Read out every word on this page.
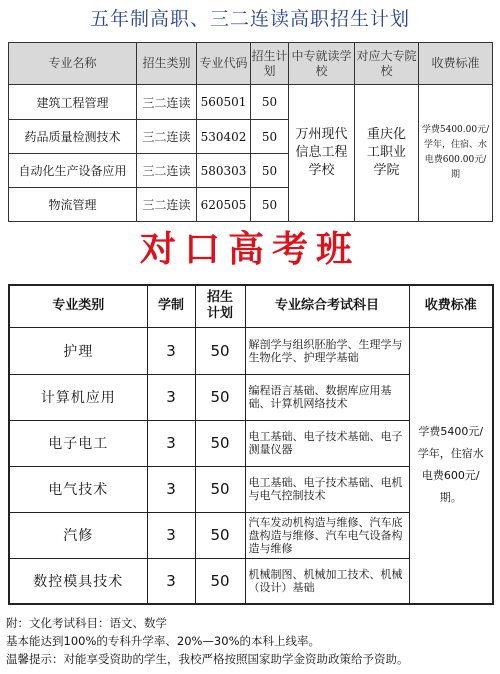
五年制高职、三二连读高职招生计划
专业名称	招生类别	专业代码	招生计划	中专就读学校	对应大专院校	收费标准
建筑工程管理	三二连读	560501	50	万州现代信息工程学校	重庆化工职业学院	学费5400.00元/学年，住宿、水电费600.00元/期
药品质量检测技术	三二连读	530402	50			
自动化生产设备应用	三二连读	580303	50			
物流管理	三二连读	620505	50			
对口高考班
专业类别	学制	招生计划	专业综合考试科目	收费标准
护理	3	50	解剖学与组织胚胎学、生理学与生物化学、护理学基础	学费5400元/学年，住宿水电费600元/期。
计算机应用	3	50	编程语言基础、数据库应用基础、计算机网络技术	
电子电工	3	50	电工基础、电子技术基础、电子测量仪器	
电气技术	3	50	电工基础、电子技术基础、电机与电气控制技术	
汽修	3	50	汽车发动机构造与维修、汽车底盘构造与维修、汽车电气设备构造与维修	
数控模具技术	3	50	机械制图、机械加工技术、机械（设计）基础	
附：文化考试科目：语文、数学
基本能达到100%的专科升学率、20%—30%的本科上线率。
温馨提示：对能享受资助的学生，我校严格按照国家助学金资助政策给予资助。
